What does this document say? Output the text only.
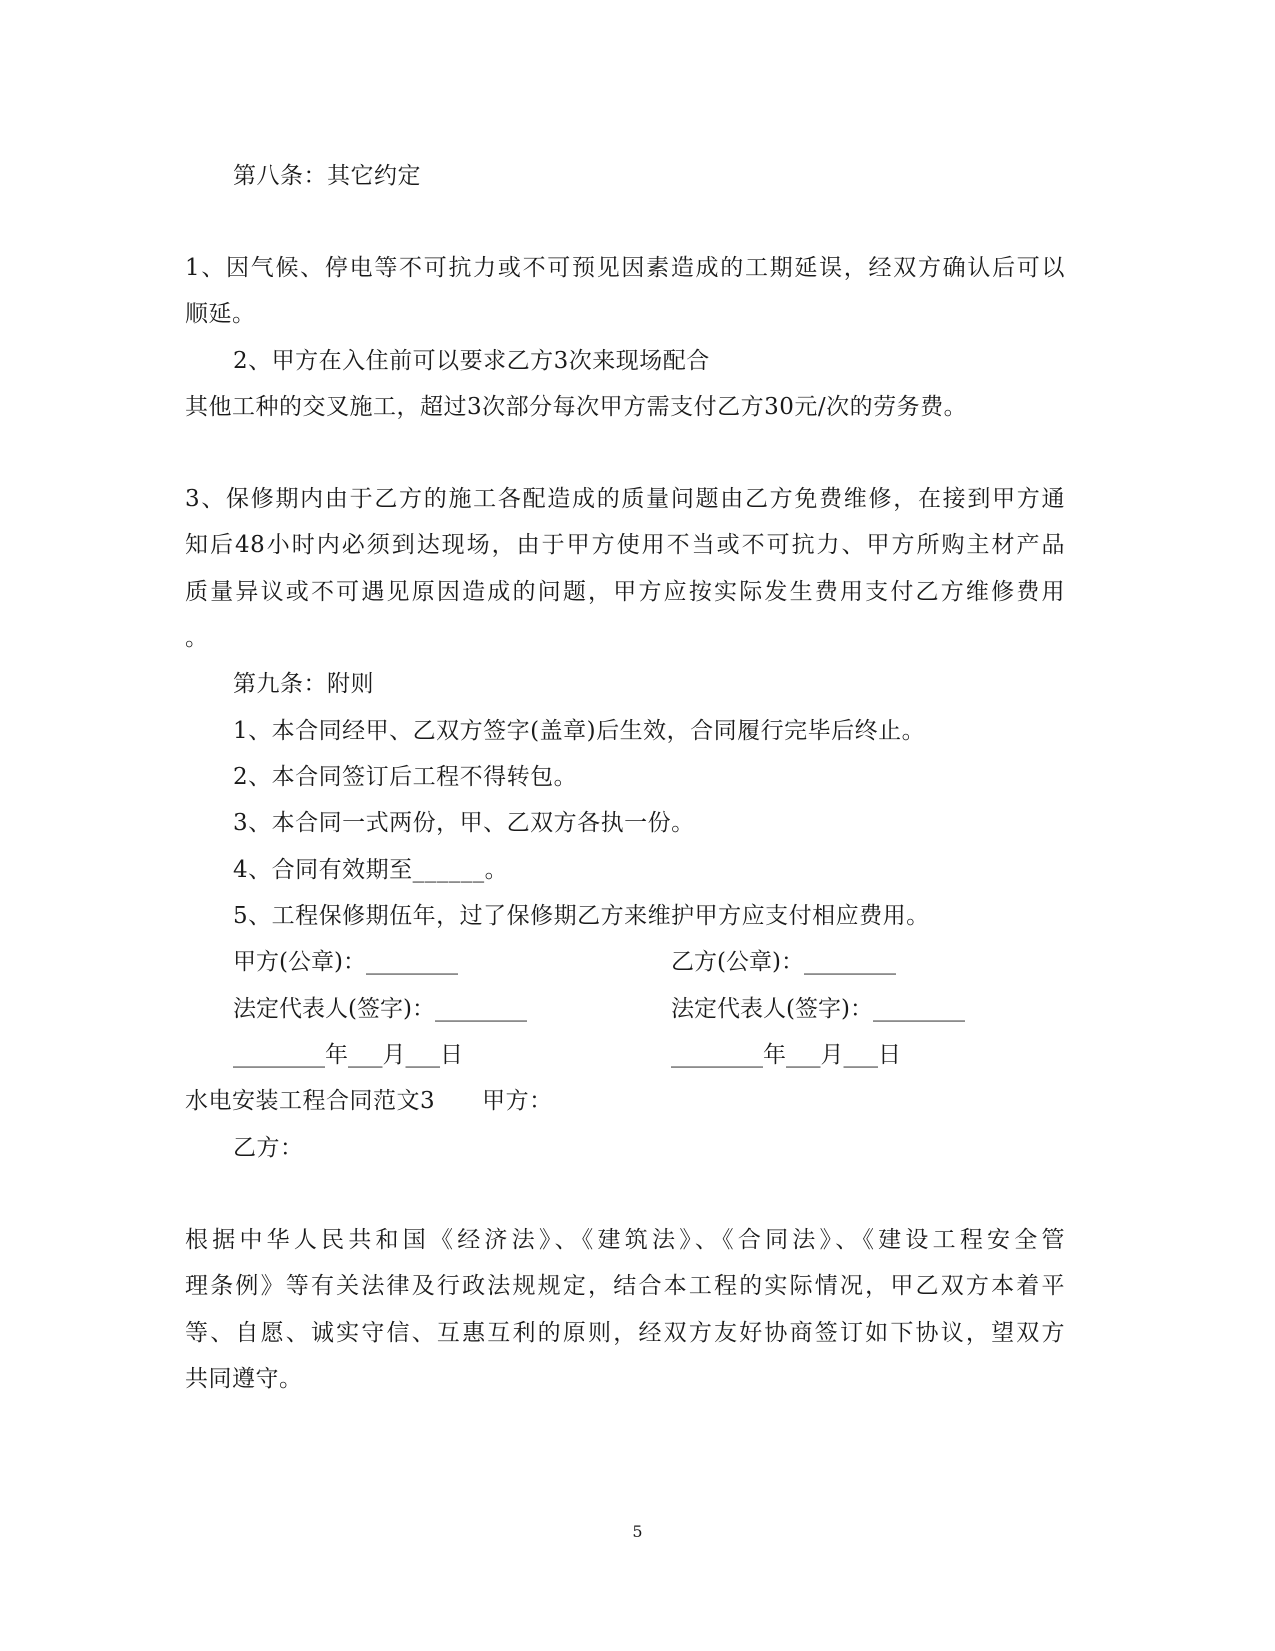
第八条：其它约定
1、因气候、停电等不可抗力或不可预见因素造成的工期延误，经双方确认后可以
顺延。
2、甲方在入住前可以要求乙方3次来现场配合
其他工种的交叉施工，超过3次部分每次甲方需支付乙方30元/次的劳务费。
3、保修期内由于乙方的施工各配造成的质量问题由乙方免费维修，在接到甲方通
知后48小时内必须到达现场，由于甲方使用不当或不可抗力、甲方所购主材产品
质量异议或不可遇见原因造成的问题，甲方应按实际发生费用支付乙方维修费用
。
第九条：附则
1、本合同经甲、乙双方签字(盖章)后生效，合同履行完毕后终止。
2、本合同签订后工程不得转包。
3、本合同一式两份，甲、乙双方各执一份。
4、合同有效期至______。
5、工程保修期伍年，过了保修期乙方来维护甲方应支付相应费用。
甲方(公章)：________	乙方(公章)：________
法定代表人(签字)：________	法定代表人(签字)：________
________年___月___日	________年___月___日
水电安装工程合同范文3　　甲方：
乙方：
根据中华人民共和国《经济法》、《建筑法》、《合同法》、《建设工程安全管
理条例》等有关法律及行政法规规定，结合本工程的实际情况，甲乙双方本着平
等、自愿、诚实守信、互惠互利的原则，经双方友好协商签订如下协议，望双方
共同遵守。
5
